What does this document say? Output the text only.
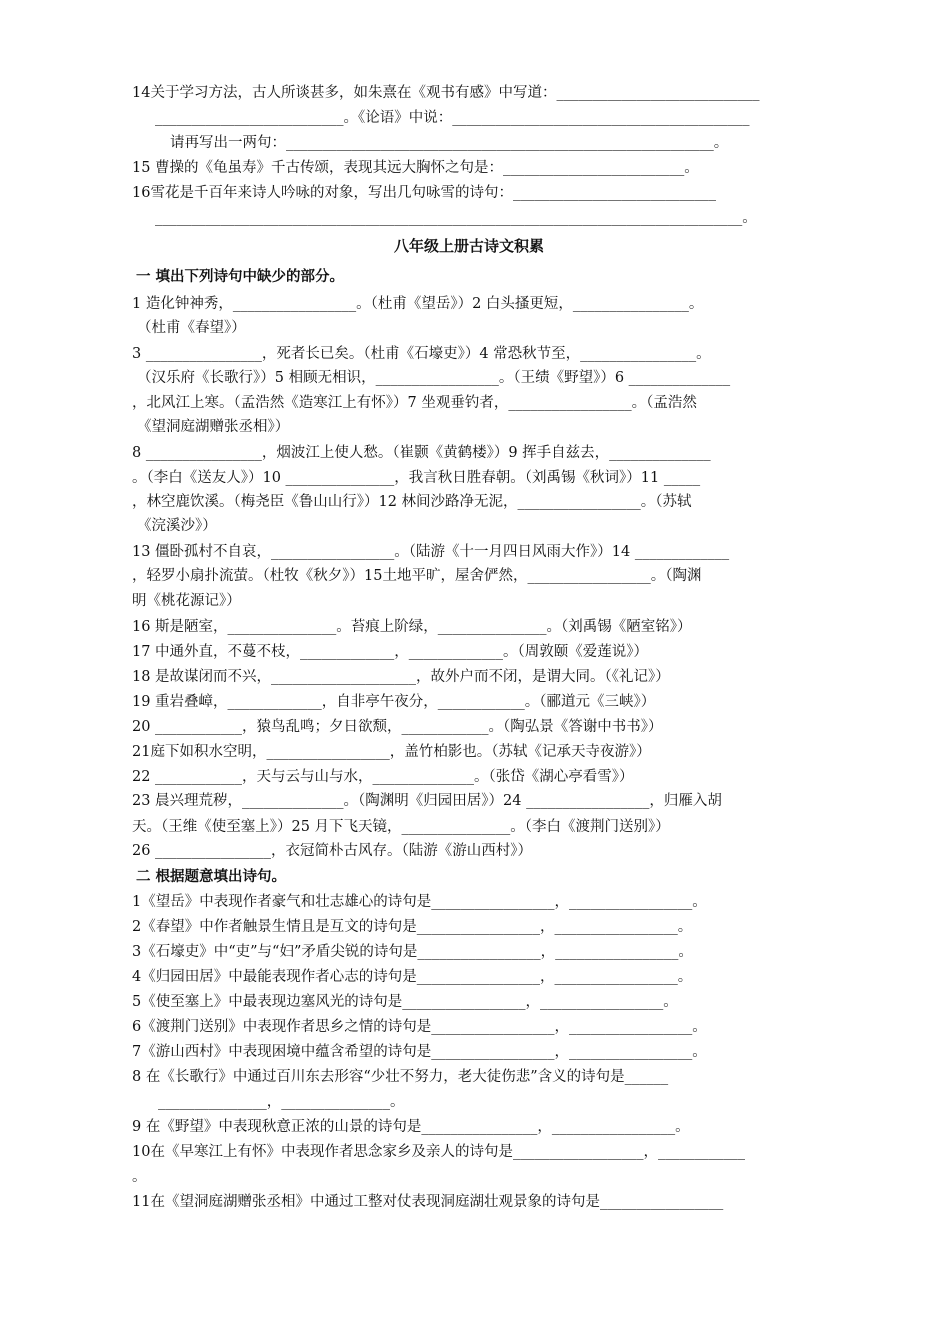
14关于学习方法，古人所谈甚多，如朱熹在《观书有感》中写道：____________________________
__________________________。《论语》中说：_________________________________________
请再写出一两句：___________________________________________________________。
15 曹操的《龟虽寿》千古传颂，表现其远大胸怀之句是：_________________________。
16雪花是千百年来诗人吟咏的对象，写出几句咏雪的诗句：____________________________
_________________________________________________________________________________。
八年级上册古诗文积累
一 填出下列诗句中缺少的部分。
1 造化钟神秀，_________________。（杜甫《望岳》）2 白头搔更短，________________。
（杜甫《春望》）
3 ________________，死者长已矣。（杜甫《石壕吏》）4 常恐秋节至，________________。
（汉乐府《长歌行》）5 相顾无相识，_________________。（王绩《野望》）6 ______________
，北风江上寒。（孟浩然《造寒江上有怀》）7 坐观垂钓者，_________________。（孟浩然
《望洞庭湖赠张丞相》）
8 ________________，烟波江上使人愁。（崔颢《黄鹤楼》）9 挥手自兹去，______________
。（李白《送友人》）10 _______________，我言秋日胜春朝。（刘禹锡《秋词》）11 _____
，林空鹿饮溪。（梅尧臣《鲁山山行》）12 林间沙路净无泥，_________________。（苏轼
《浣溪沙》）
13 僵卧孤村不自哀，_________________。（陆游《十一月四日风雨大作》）14 _____________
，轻罗小扇扑流萤。（杜牧《秋夕》）15土地平旷，屋舍俨然，_________________。（陶渊
明《桃花源记》）
16 斯是陋室，_______________。苔痕上阶绿，_______________。（刘禹锡《陋室铭》）
17 中通外直，不蔓不枝，_____________，_____________。（周敦颐《爱莲说》）
18 是故谋闭而不兴，____________________，故外户而不闭，是谓大同。（《礼记》）
19 重岩叠嶂，_____________，自非亭午夜分，____________。（郦道元《三峡》）
20 ____________，猿鸟乱鸣；夕日欲颓，____________。（陶弘景《答谢中书书》）
21庭下如积水空明，_________________，盖竹柏影也。（苏轼《记承天寺夜游》）
22 ____________，天与云与山与水，______________。（张岱《湖心亭看雪》）
23 晨兴理荒秽，______________。（陶渊明《归园田居》）24 _________________，归雁入胡
天。（王维《使至塞上》）25 月下飞天镜，_______________。（李白《渡荆门送别》）
26 ________________，衣冠简朴古风存。（陆游《游山西村》）
二 根据题意填出诗句。
1《望岳》中表现作者豪气和壮志雄心的诗句是_________________，_________________。
2《春望》中作者触景生情且是互文的诗句是_________________，_________________。
3《石壕吏》中“吏”与“妇”矛盾尖锐的诗句是_________________，_________________。
4《归园田居》中最能表现作者心志的诗句是_________________，_________________。
5《使至塞上》中最表现边塞风光的诗句是_________________，_________________。
6《渡荆门送别》中表现作者思乡之情的诗句是_________________，_________________。
7《游山西村》中表现困境中蕴含希望的诗句是_________________，_________________。
8 在《长歌行》中通过百川东去形容“少壮不努力，老大徒伤悲”含义的诗句是______
_______________，_______________。
9 在《野望》中表现秋意正浓的山景的诗句是________________，_________________。
10在《早寒江上有怀》中表现作者思念家乡及亲人的诗句是__________________，____________
。
11在《望洞庭湖赠张丞相》中通过工整对仗表现洞庭湖壮观景象的诗句是_________________
